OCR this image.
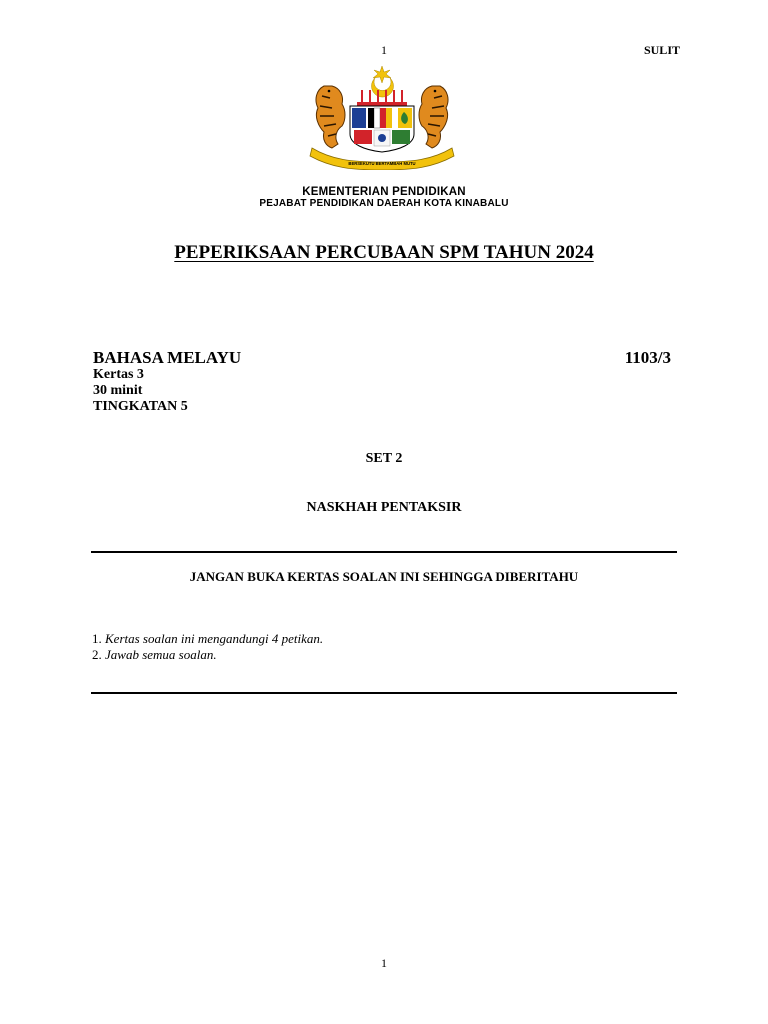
1	SULIT
BERSEKUTU BERTAMBAH MUTU
KEMENTERIAN PENDIDIKAN
PEJABAT PENDIDIKAN DAERAH KOTA KINABALU
PEPERIKSAAN PERCUBAAN SPM TAHUN 2024
BAHASA MELAYU	1103/3
Kertas 3
30 minit
TINGKATAN 5
SET 2
NASKHAH PENTAKSIR
JANGAN BUKA KERTAS SOALAN INI SEHINGGA DIBERITAHU
1. Kertas soalan ini mengandungi 4 petikan.
2. Jawab semua soalan.
1
